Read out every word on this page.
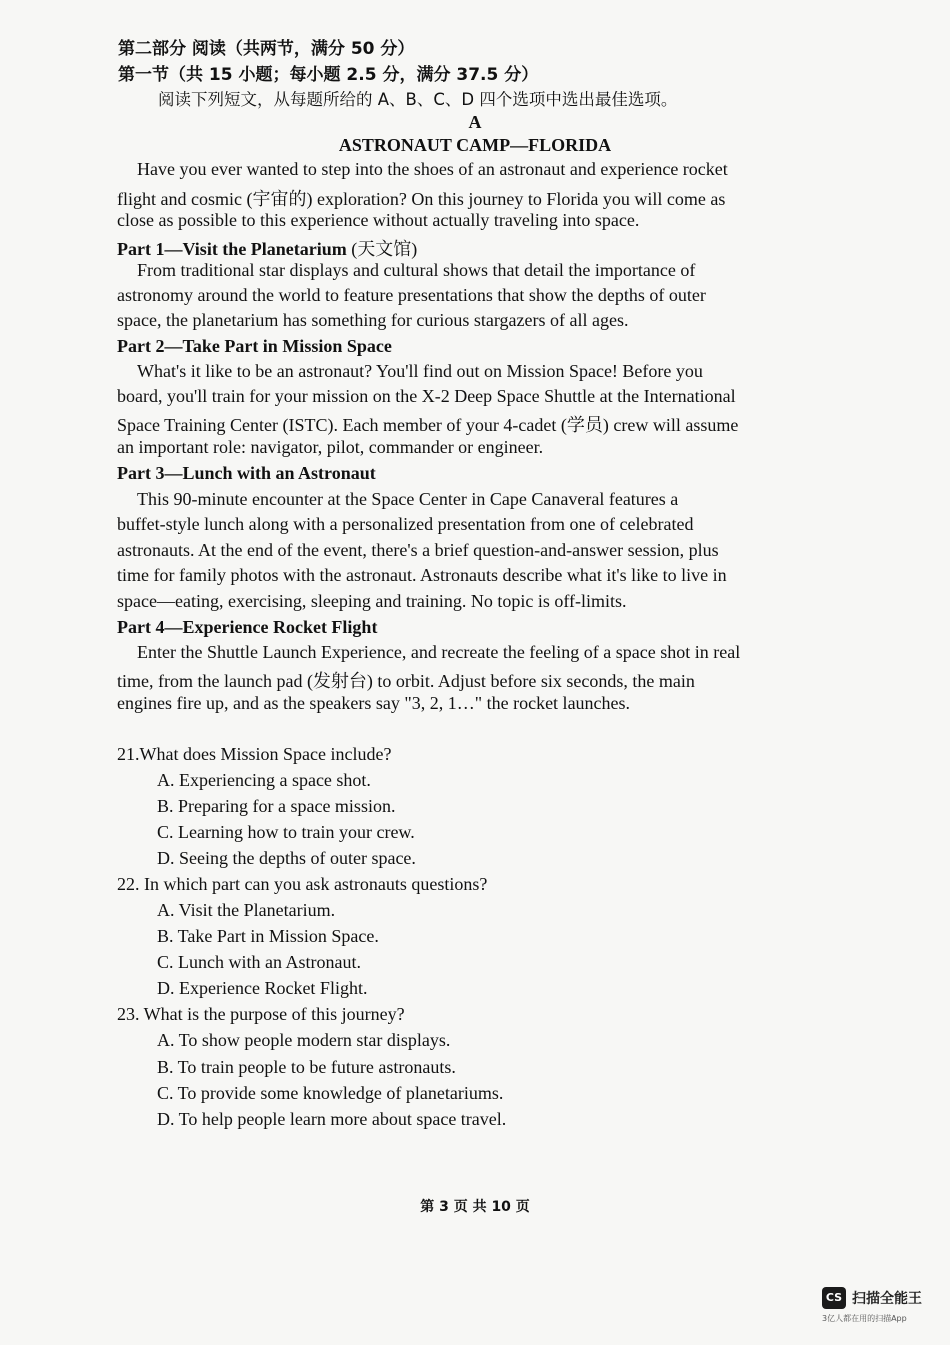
第二部分 阅读（共两节，满分 50 分）
第一节（共 15 小题；每小题 2.5 分，满分 37.5 分）
阅读下列短文，从每题所给的 A、B、C、D 四个选项中选出最佳选项。
A
ASTRONAUT CAMP—FLORIDA
Have you ever wanted to step into the shoes of an astronaut and experience rocket
flight and cosmic (宇宙的) exploration? On this journey to Florida you will come as
close as possible to this experience without actually traveling into space.
Part 1—Visit the Planetarium (天文馆)
From traditional star displays and cultural shows that detail the importance of
astronomy around the world to feature presentations that show the depths of outer
space, the planetarium has something for curious stargazers of all ages.
Part 2—Take Part in Mission Space
What's it like to be an astronaut? You'll find out on Mission Space! Before you
board, you'll train for your mission on the X-2 Deep Space Shuttle at the International
Space Training Center (ISTC). Each member of your 4-cadet (学员) crew will assume
an important role: navigator, pilot, commander or engineer.
Part 3—Lunch with an Astronaut
This 90-minute encounter at the Space Center in Cape Canaveral features a
buffet-style lunch along with a personalized presentation from one of celebrated
astronauts. At the end of the event, there's a brief question-and-answer session, plus
time for family photos with the astronaut. Astronauts describe what it's like to live in
space—eating, exercising, sleeping and training. No topic is off-limits.
Part 4—Experience Rocket Flight
Enter the Shuttle Launch Experience, and recreate the feeling of a space shot in real
time, from the launch pad (发射台) to orbit. Adjust before six seconds, the main
engines fire up, and as the speakers say "3, 2, 1…" the rocket launches.
21.What does Mission Space include?
A. Experiencing a space shot.
B. Preparing for a space mission.
C. Learning how to train your crew.
D. Seeing the depths of outer space.
22. In which part can you ask astronauts questions?
A. Visit the Planetarium.
B. Take Part in Mission Space.
C. Lunch with an Astronaut.
D. Experience Rocket Flight.
23. What is the purpose of this journey?
A. To show people modern star displays.
B. To train people to be future astronauts.
C. To provide some knowledge of planetariums.
D. To help people learn more about space travel.
第 3 页 共 10 页
CS 扫描全能王
3亿人都在用的扫描App
